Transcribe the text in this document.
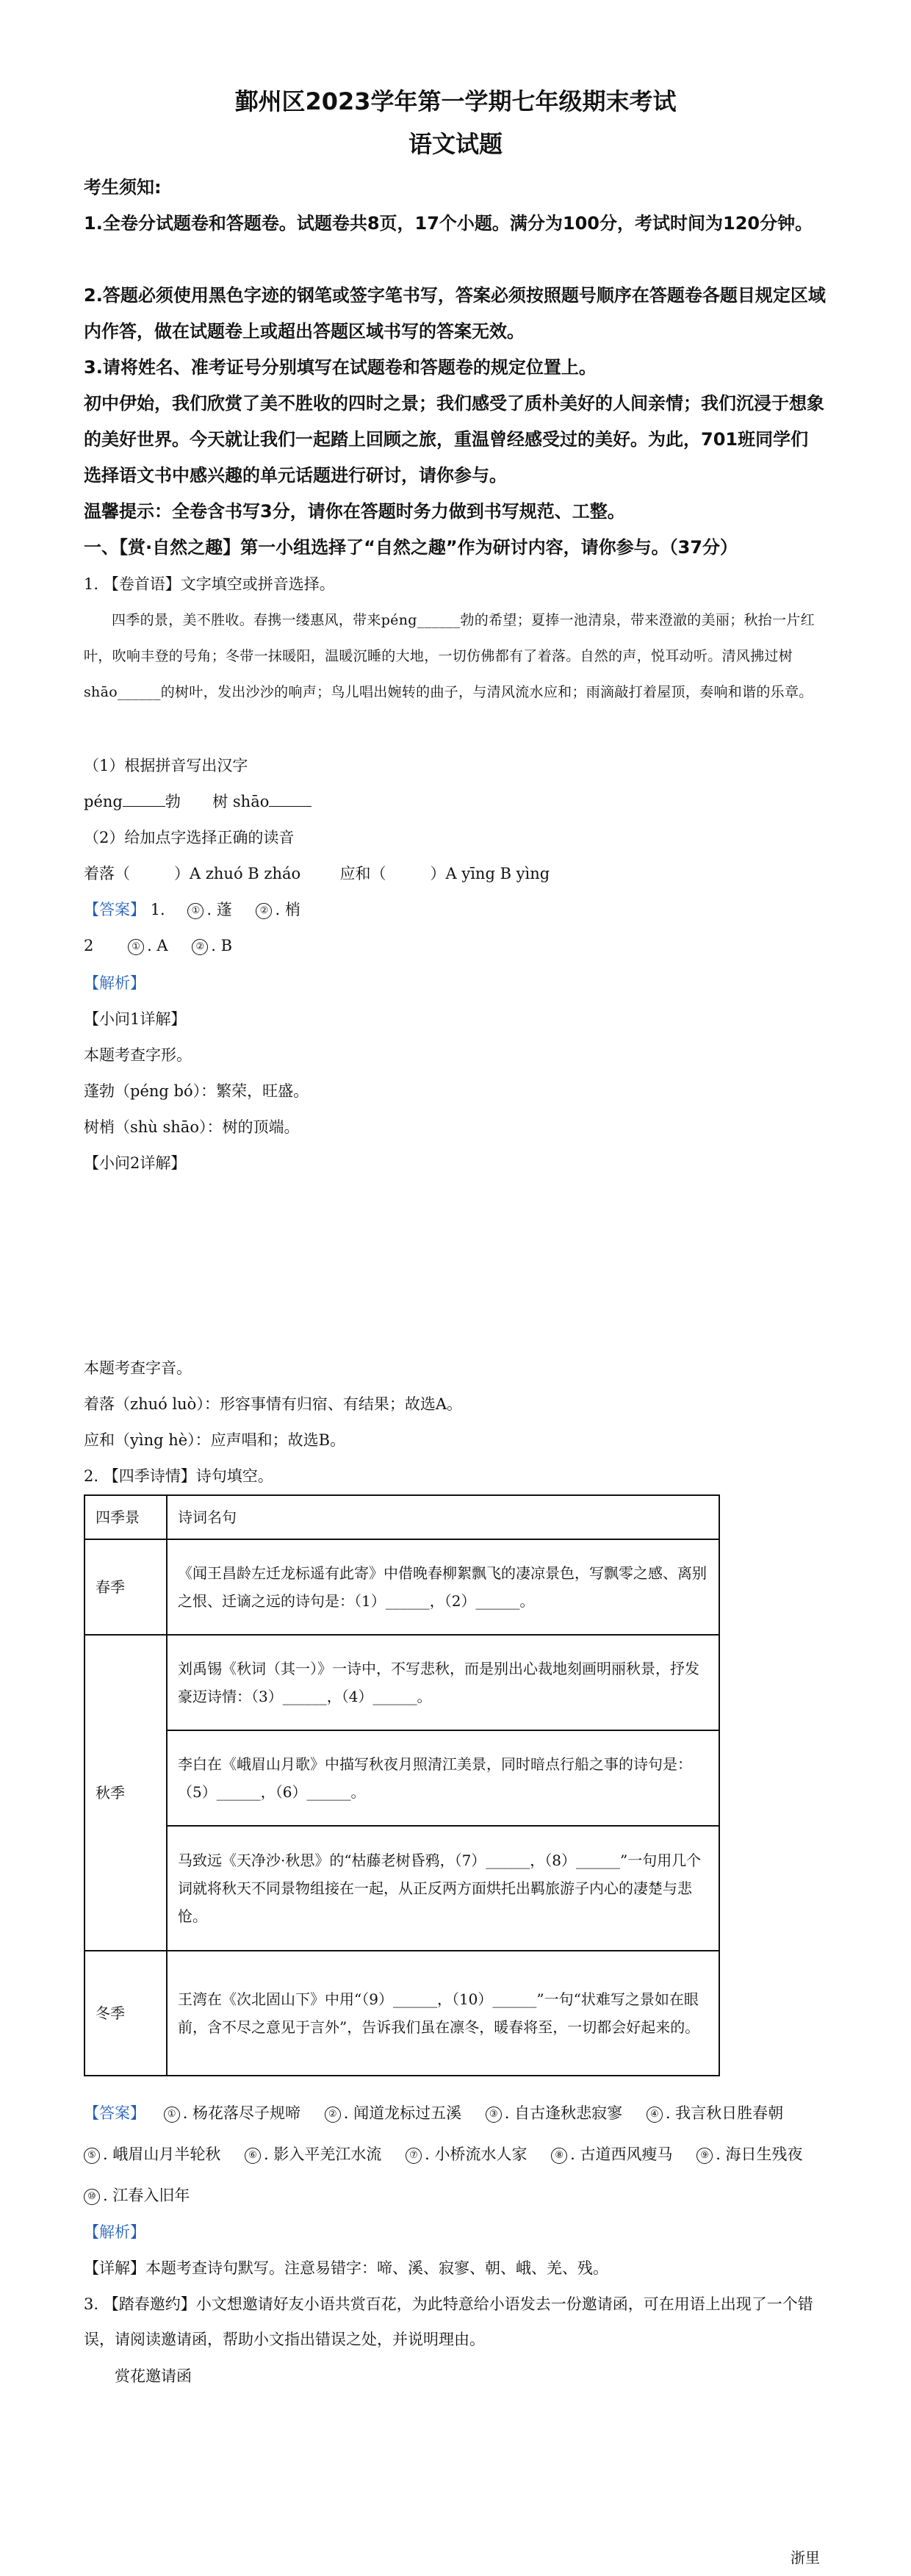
鄞州区2023学年第一学期七年级期末考试
语文试题
考生须知:
1.全卷分试题卷和答题卷。试题卷共8页，17个小题。满分为100分，考试时间为120分钟。
2.答题必须使用黑色字迹的钢笔或签字笔书写，答案必须按照题号顺序在答题卷各题目规定区域内作答，做在试题卷上或超出答题区域书写的答案无效。
3.请将姓名、准考证号分别填写在试题卷和答题卷的规定位置上。
初中伊始，我们欣赏了美不胜收的四时之景；我们感受了质朴美好的人间亲情；我们沉浸于想象的美好世界。今天就让我们一起踏上回顾之旅，重温曾经感受过的美好。为此，701班同学们选择语文书中感兴趣的单元话题进行研讨，请你参与。
温馨提示：全卷含书写3分，请你在答题时务力做到书写规范、工整。
一、【赏·自然之趣】第一小组选择了“自然之趣”作为研讨内容，请你参与。（37分）
1. 【卷首语】文字填空或拼音选择。
四季的景，美不胜收。春携一缕惠风，带来péng______勃的希望；夏捧一池清泉，带来澄澈的美丽；秋抬一片红叶，吹响丰登的号角；冬带一抹暖阳，温暖沉睡的大地，一切仿佛都有了着落。自然的声，悦耳动听。清风拂过树shāo______的树叶，发出沙沙的响声；鸟儿唱出婉转的曲子，与清风流水应和；雨滴敲打着屋顶，奏响和谐的乐章。
（1）根据拼音写出汉字
péng	勃 树 shāo
（2）给加点字选择正确的读音
着落（	）A zhuó B zháo	应和（	）A yīng B yìng
【答案】 1.	① . 蓬	② . 梢
2	① . A	② . B
【解析】
【小问1详解】
本题考查字形。
蓬勃（péng bó）：繁荣，旺盛。
树梢（shù shāo）：树的顶端。
【小问2详解】
本题考查字音。
着落（zhuó luò）：形容事情有归宿、有结果；故选A。
应和（yìng hè）：应声唱和；故选B。
2. 【四季诗情】诗句填空。
四季景	诗词名句
春季	《闻王昌龄左迁龙标遥有此寄》中借晚春柳絮飘飞的凄凉景色，写飘零之感、离别之恨、迁谪之远的诗句是：（1）______，（2）______。
秋季	刘禹锡《秋词（其一）》一诗中，不写悲秋，而是别出心裁地刻画明丽秋景，抒发豪迈诗情：（3）______，（4）______。
	李白在《峨眉山月歌》中描写秋夜月照清江美景，同时暗点行船之事的诗句是：（5）______，（6）______。
	马致远《天净沙·秋思》的“枯藤老树昏鸦，（7）______，（8）______”一句用几个词就将秋天不同景物组接在一起，从正反两方面烘托出羁旅游子内心的凄楚与悲怆。
冬季	王湾在《次北固山下》中用“（9）______，（10）______”一句“状难写之景如在眼前，含不尽之意见于言外”，告诉我们虽在凛冬，暖春将至，一切都会好起来的。
【答案】 ① . 杨花落尽子规啼	② . 闻道龙标过五溪	③ . 自古逢秋悲寂寥	④ . 我言秋日胜春朝 ⑤ . 峨眉山月半轮秋	⑥ . 影入平羌江水流	⑦ . 小桥流水人家	⑧ . 古道西风瘦马	⑨ . 海日生残夜 ⑩ . 江春入旧年
【解析】
【详解】本题考查诗句默写。注意易错字：啼、溪、寂寥、朝、峨、羌、残。
3. 【踏春邀约】小文想邀请好友小语共赏百花，为此特意给小语发去一份邀请函，可在用语上出现了一个错误，请阅读邀请函，帮助小文指出错误之处，并说明理由。
赏花邀请函
浙里
